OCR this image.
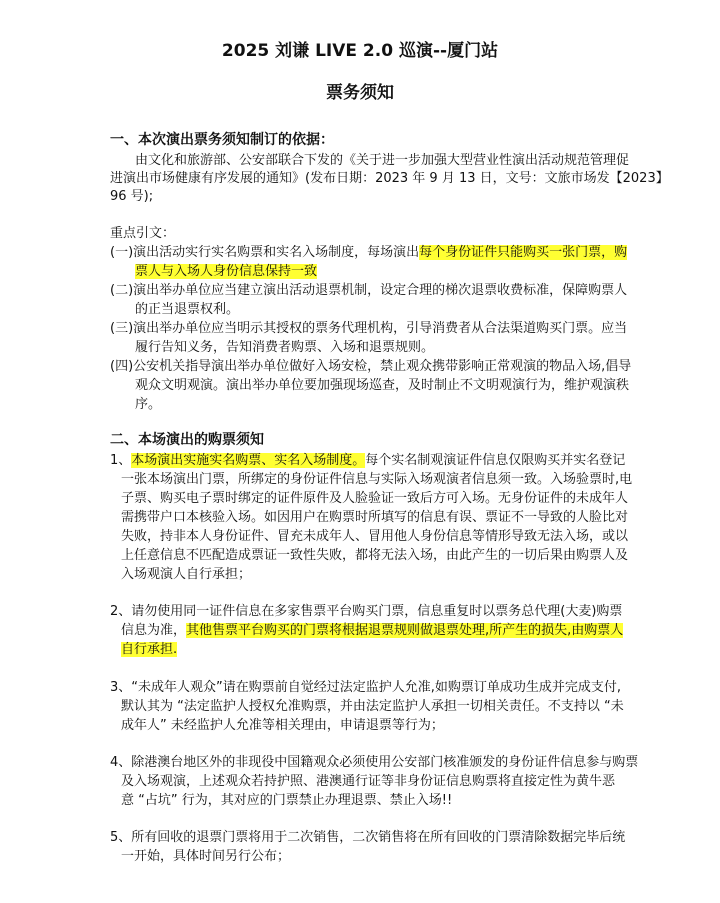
2025 刘谦 LIVE 2.0 巡演--厦门站
票务须知
一、本次演出票务须知制订的依据：
由文化和旅游部、公安部联合下发的《关于进一步加强大型营业性演出活动规范管理促
进演出市场健康有序发展的通知》(发布日期：2023 年 9 月 13 日，文号：文旅市场发【2023】
96 号);
重点引文：
(一)演出活动实行实名购票和实名入场制度，每场演出每个身份证件只能购买一张门票，购
票人与入场人身份信息保持一致
(二)演出举办单位应当建立演出活动退票机制，设定合理的梯次退票收费标准，保障购票人
的正当退票权利。
(三)演出举办单位应当明示其授权的票务代理机构，引导消费者从合法渠道购买门票。应当
履行告知义务，告知消费者购票、入场和退票规则。
(四)公安机关指导演出举办单位做好入场安检，禁止观众携带影响正常观演的物品入场,倡导
观众文明观演。演出举办单位要加强现场巡查，及时制止不文明观演行为，维护观演秩
序。
二、本场演出的购票须知
1、本场演出实施实名购票、实名入场制度。每个实名制观演证件信息仅限购买并实名登记
一张本场演出门票，所绑定的身份证件信息与实际入场观演者信息须一致。入场验票时,电
子票、购买电子票时绑定的证件原件及人脸验证一致后方可入场。无身份证件的未成年人
需携带户口本核验入场。如因用户在购票时所填写的信息有误、票证不一导致的人脸比对
失败，持非本人身份证件、冒充未成年人、冒用他人身份信息等情形导致无法入场，或以
上任意信息不匹配造成票证一致性失败，都将无法入场，由此产生的一切后果由购票人及
入场观演人自行承担；
2、请勿使用同一证件信息在多家售票平台购买门票，信息重复时以票务总代理(大麦)购票
信息为准，其他售票平台购买的门票将根据退票规则做退票处理,所产生的损失,由购票人
自行承担.
3、“未成年人观众”请在购票前自觉经过法定监护人允准,如购票订单成功生成并完成支付,
默认其为 “法定监护人授权允准购票，并由法定监护人承担一切相关责任。不支持以 “未
成年人” 未经监护人允准等相关理由，申请退票等行为；
4、除港澳台地区外的非现役中国籍观众必须使用公安部门核准颁发的身份证件信息参与购票
及入场观演，上述观众若持护照、港澳通行证等非身份证信息购票将直接定性为黄牛恶
意 “占坑” 行为，其对应的门票禁止办理退票、禁止入场!!
5、所有回收的退票门票将用于二次销售，二次销售将在所有回收的门票清除数据完毕后统
一开始，具体时间另行公布；
